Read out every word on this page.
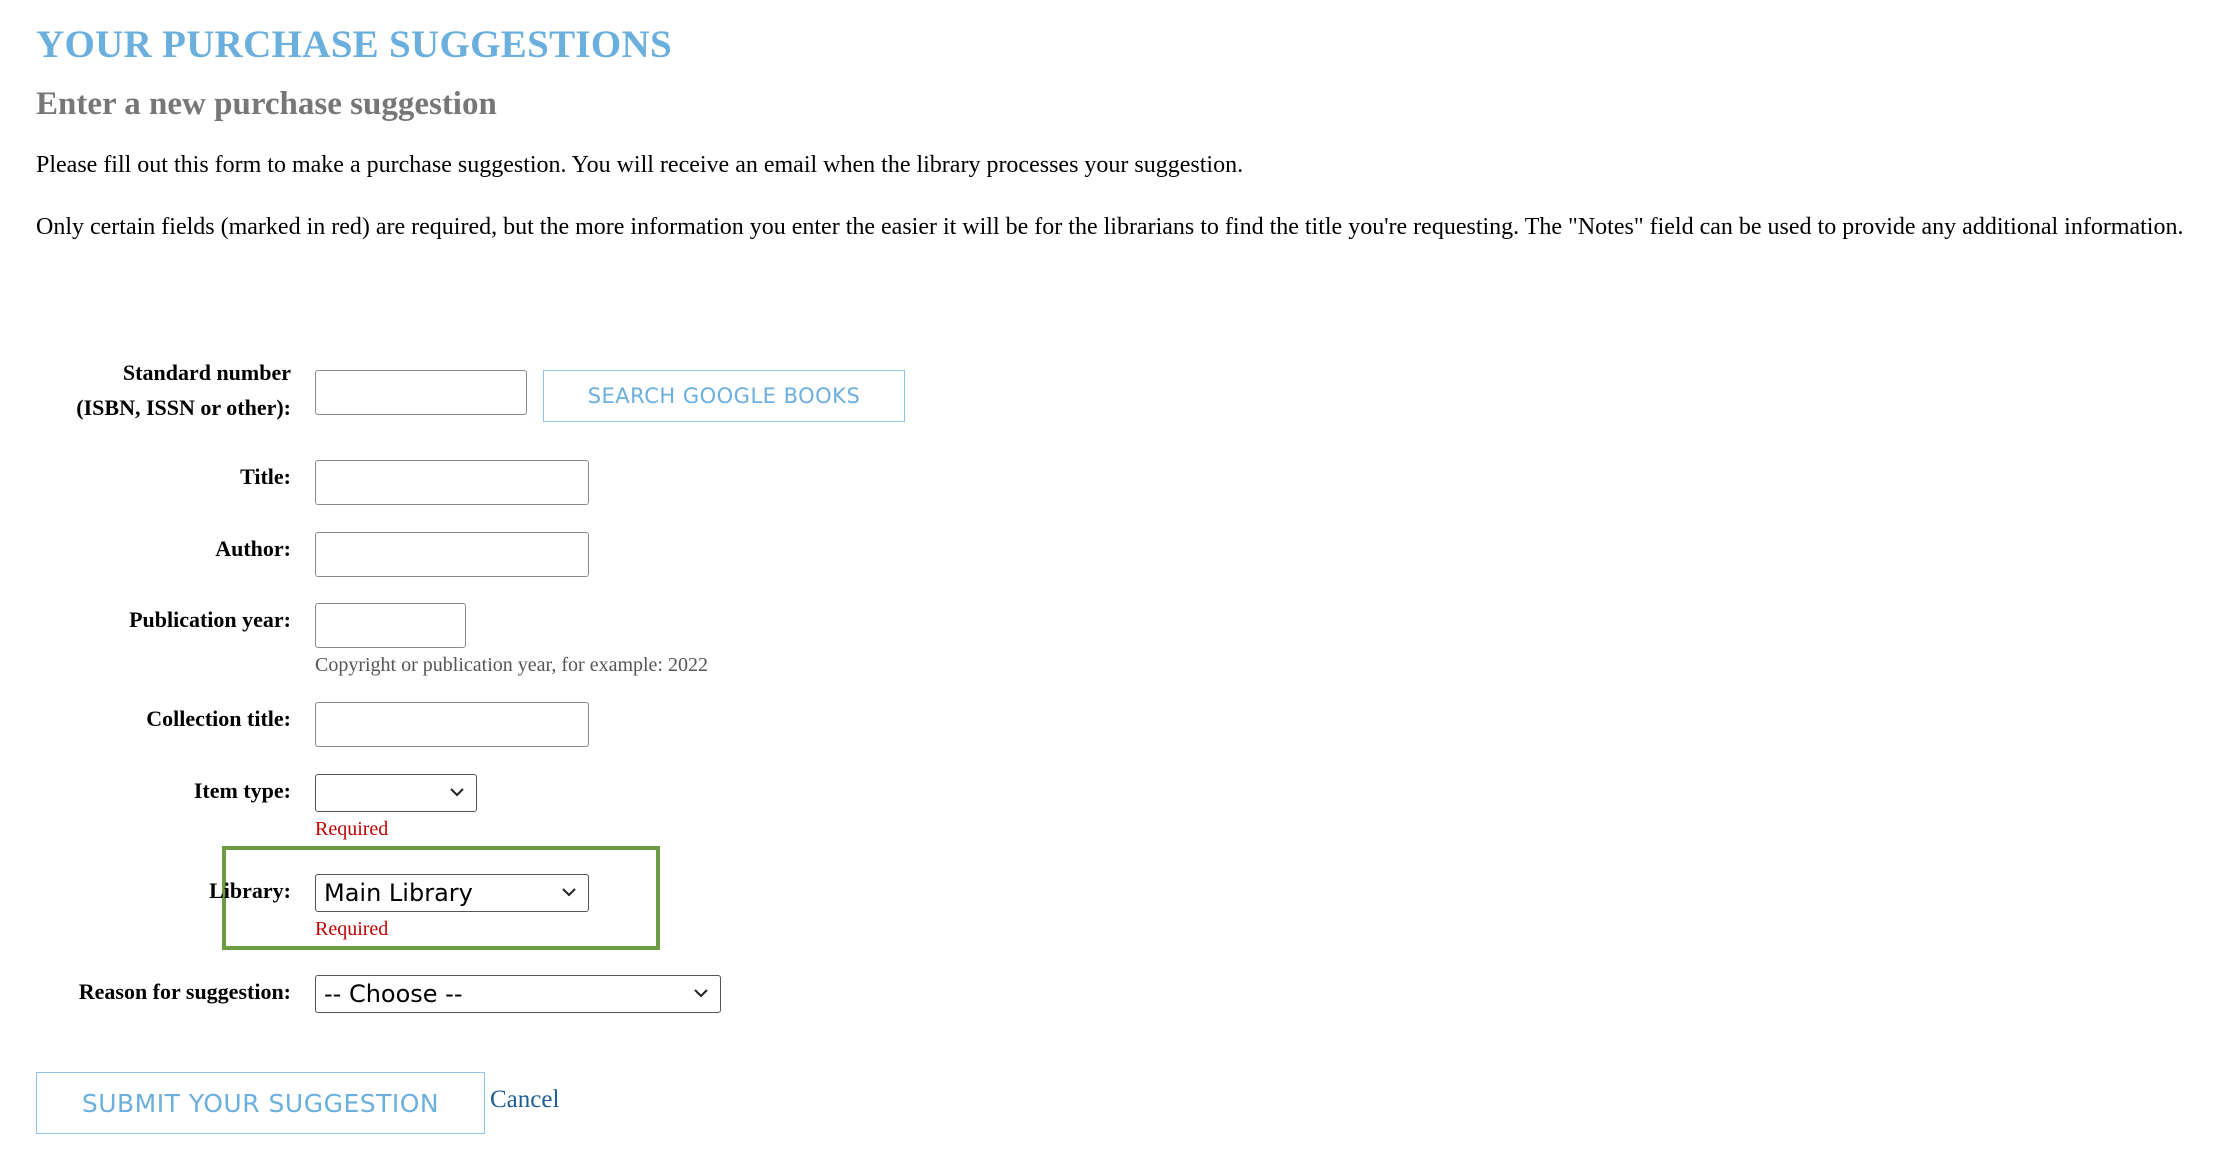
YOUR PURCHASE SUGGESTIONS
Enter a new purchase suggestion

Please fill out this form to make a purchase suggestion. You will receive an email when the library processes your suggestion.

Only certain fields (marked in red) are required, but the more information you enter the easier it will be for the librarians to find the title you're requesting. The "Notes" field can be used to provide any additional information.

Standard number
(ISBN, ISSN or other):	SEARCH GOOGLE BOOKS
Title:
Author:
Publication year:
Copyright or publication year, for example: 2022
Collection title:
Item type:
Required
Library:	Main Library
Required
Reason for suggestion:	-- Choose --
SUBMIT YOUR SUGGESTION	Cancel
